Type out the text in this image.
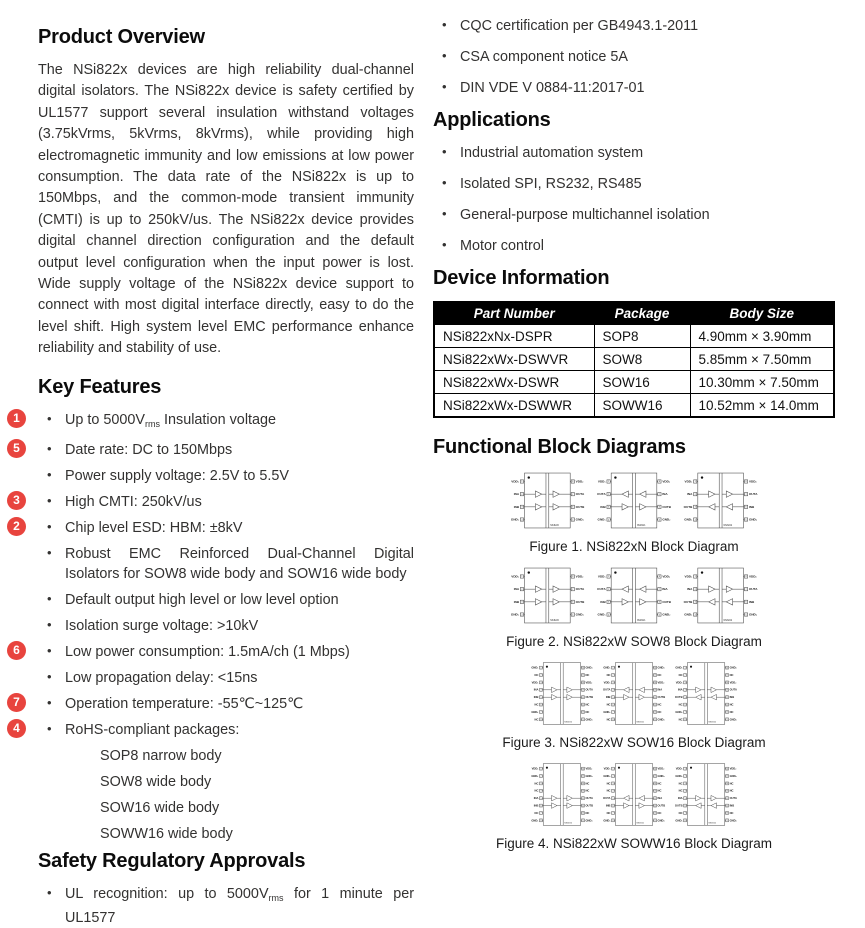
Product Overview

The NSi822x devices are high reliability dual-channel digital isolators. The NSi822x device is safety certified by UL1577 support several insulation withstand voltages (3.75kVrms, 5kVrms, 8kVrms), while providing high electromagnetic immunity and low emissions at low power consumption. The data rate of the NSi822x is up to 150Mbps, and the common-mode transient immunity (CMTI) is up to 250kV/us. The NSi822x device provides digital channel direction configuration and the default output level configuration when the input power is lost. Wide supply voltage of the NSi822x device support to connect with most digital interface directly, easy to do the level shift. High system level EMC performance enhance reliability and stability of use.

Key Features
•
1	Up to $5000V_{rms}$ Insulation voltage
•
5	Date rate: DC to 150Mbps
• Power supply voltage: 2.5V to 5.5V
•
3	High CMTI: 250kV/us
•
2	Chip level ESD: HBM: ±8kV
• Robust EMC Reinforced Dual-Channel Digital Isolators for SOW8 wide body and SOW16 wide body
• Default output high level or low level option
• Isolation surge voltage: >10kV
•
6	Low power consumption: 1.5mA/ch (1 Mbps)
• Low propagation delay: <15ns
•
7	Operation temperature: -55℃~125℃
•
4	RoHS-compliant packages:
SOP8 narrow body
SOW8 wide body
SOW16 wide body
SOWW16 wide body
Safety Regulatory Approvals
• UL recognition: up to $5000V_{rms}$ for 1 minute per UL1577
• CQC certification per GB4943.1-2011
• CSA component notice 5A
• DIN VDE V 0884-11:2017-01
Applications
• Industrial automation system
• Isolated SPI, RS232, RS485
• General-purpose multichannel isolation
• Motor control
Device Information
Part Number	Package	Body Size
NSi822xNx-DSPR	SOP8	4.90mm × 3.90mm
NSi822xWx-DSWVR	SOW8	5.85mm × 7.50mm
NSi822xWx-DSWR	SOW16	10.30mm × 7.50mm
NSi822xWx-DSWWR	SOWW16	10.52mm × 14.0mm
Functional Block Diagrams
NSi8220
1
VDD₁	8 VDD₂
2
INA	7 OUTA
3
INB	6 OUTB
4
GND₁	5 GND₂
NSi8221
1
VDD₁	8 VDD₂
2
OUTA	7 INA
3
INB	6 OUTB
4
GND₁	5 GND₂
NSi8222
1
VDD₁	8 VDD₂
2
INA	7 OUTA
3
OUTB	6 INB
4
GND₁	5 GND₂
Figure 1. NSi822xN Block Diagram
NSi8220
1
VDD₁	8 VDD₂
2
INA	7 OUTA
3
INB	6 OUTB
4
GND₁	5 GND₂
NSi8221
1
VDD₁	8 VDD₂
2
OUTA	7 INA
3
INB	6 OUTB
4
GND₁	5 GND₂
NSi8222
1
VDD₁	8 VDD₂
2
INA	7 OUTA
3
OUTB	6 INB
4
GND₁	5 GND₂
Figure 2. NSi822xW SOW8 Block Diagram
NSi8220
1
GND₁	16 GND₂
2
NC	15 NC
3
VDD₁	14 VDD₂
4
INA	13 OUTA
5
INB	12 OUTB
6
NC	11 NC
7
GND₁	10 NC
8
NC	9 GND₂
NSi8221
1
GND₁	16 GND₂
2
NC	15 NC
3
VDD₁	14 VDD₂
4
OUTA	13 INA
5
INB	12 OUTB
6
NC	11 NC
7
GND₁	10 NC
8
NC	9 GND₂
NSi8222
1
GND₁	16 GND₂
2
NC	15 NC
3
VDD₁	14 VDD₂
4
INA	13 OUTA
5
OUTB	12 INB
6
NC	11 NC
7
GND₁	10 NC
8
NC	9 GND₂
Figure 3. NSi822xW SOW16 Block Diagram
NSi8220
1
VDD₁	16 VDD₂
2
GND₁	15 GND₂
3
NC	14 NC
4
NC	13 NC
5
INA	12 OUTA
6
INB	11 OUTB
7
NC	10 NC
8
GND₁	9 GND₂
NSi8221
1
VDD₁	16 VDD₂
2
GND₁	15 GND₂
3
NC	14 NC
4
NC	13 NC
5
OUTA	12 INA
6
INB	11 OUTB
7
NC	10 NC
8
GND₁	9 GND₂
NSi8222
1
VDD₁	16 VDD₂
2
GND₁	15 GND₂
3
NC	14 NC
4
NC	13 NC
5
INA	12 OUTA
6
OUTB	11 INB
7
NC	10 NC
8
GND₁	9 GND₂
Figure 4. NSi822xW SOWW16 Block Diagram
